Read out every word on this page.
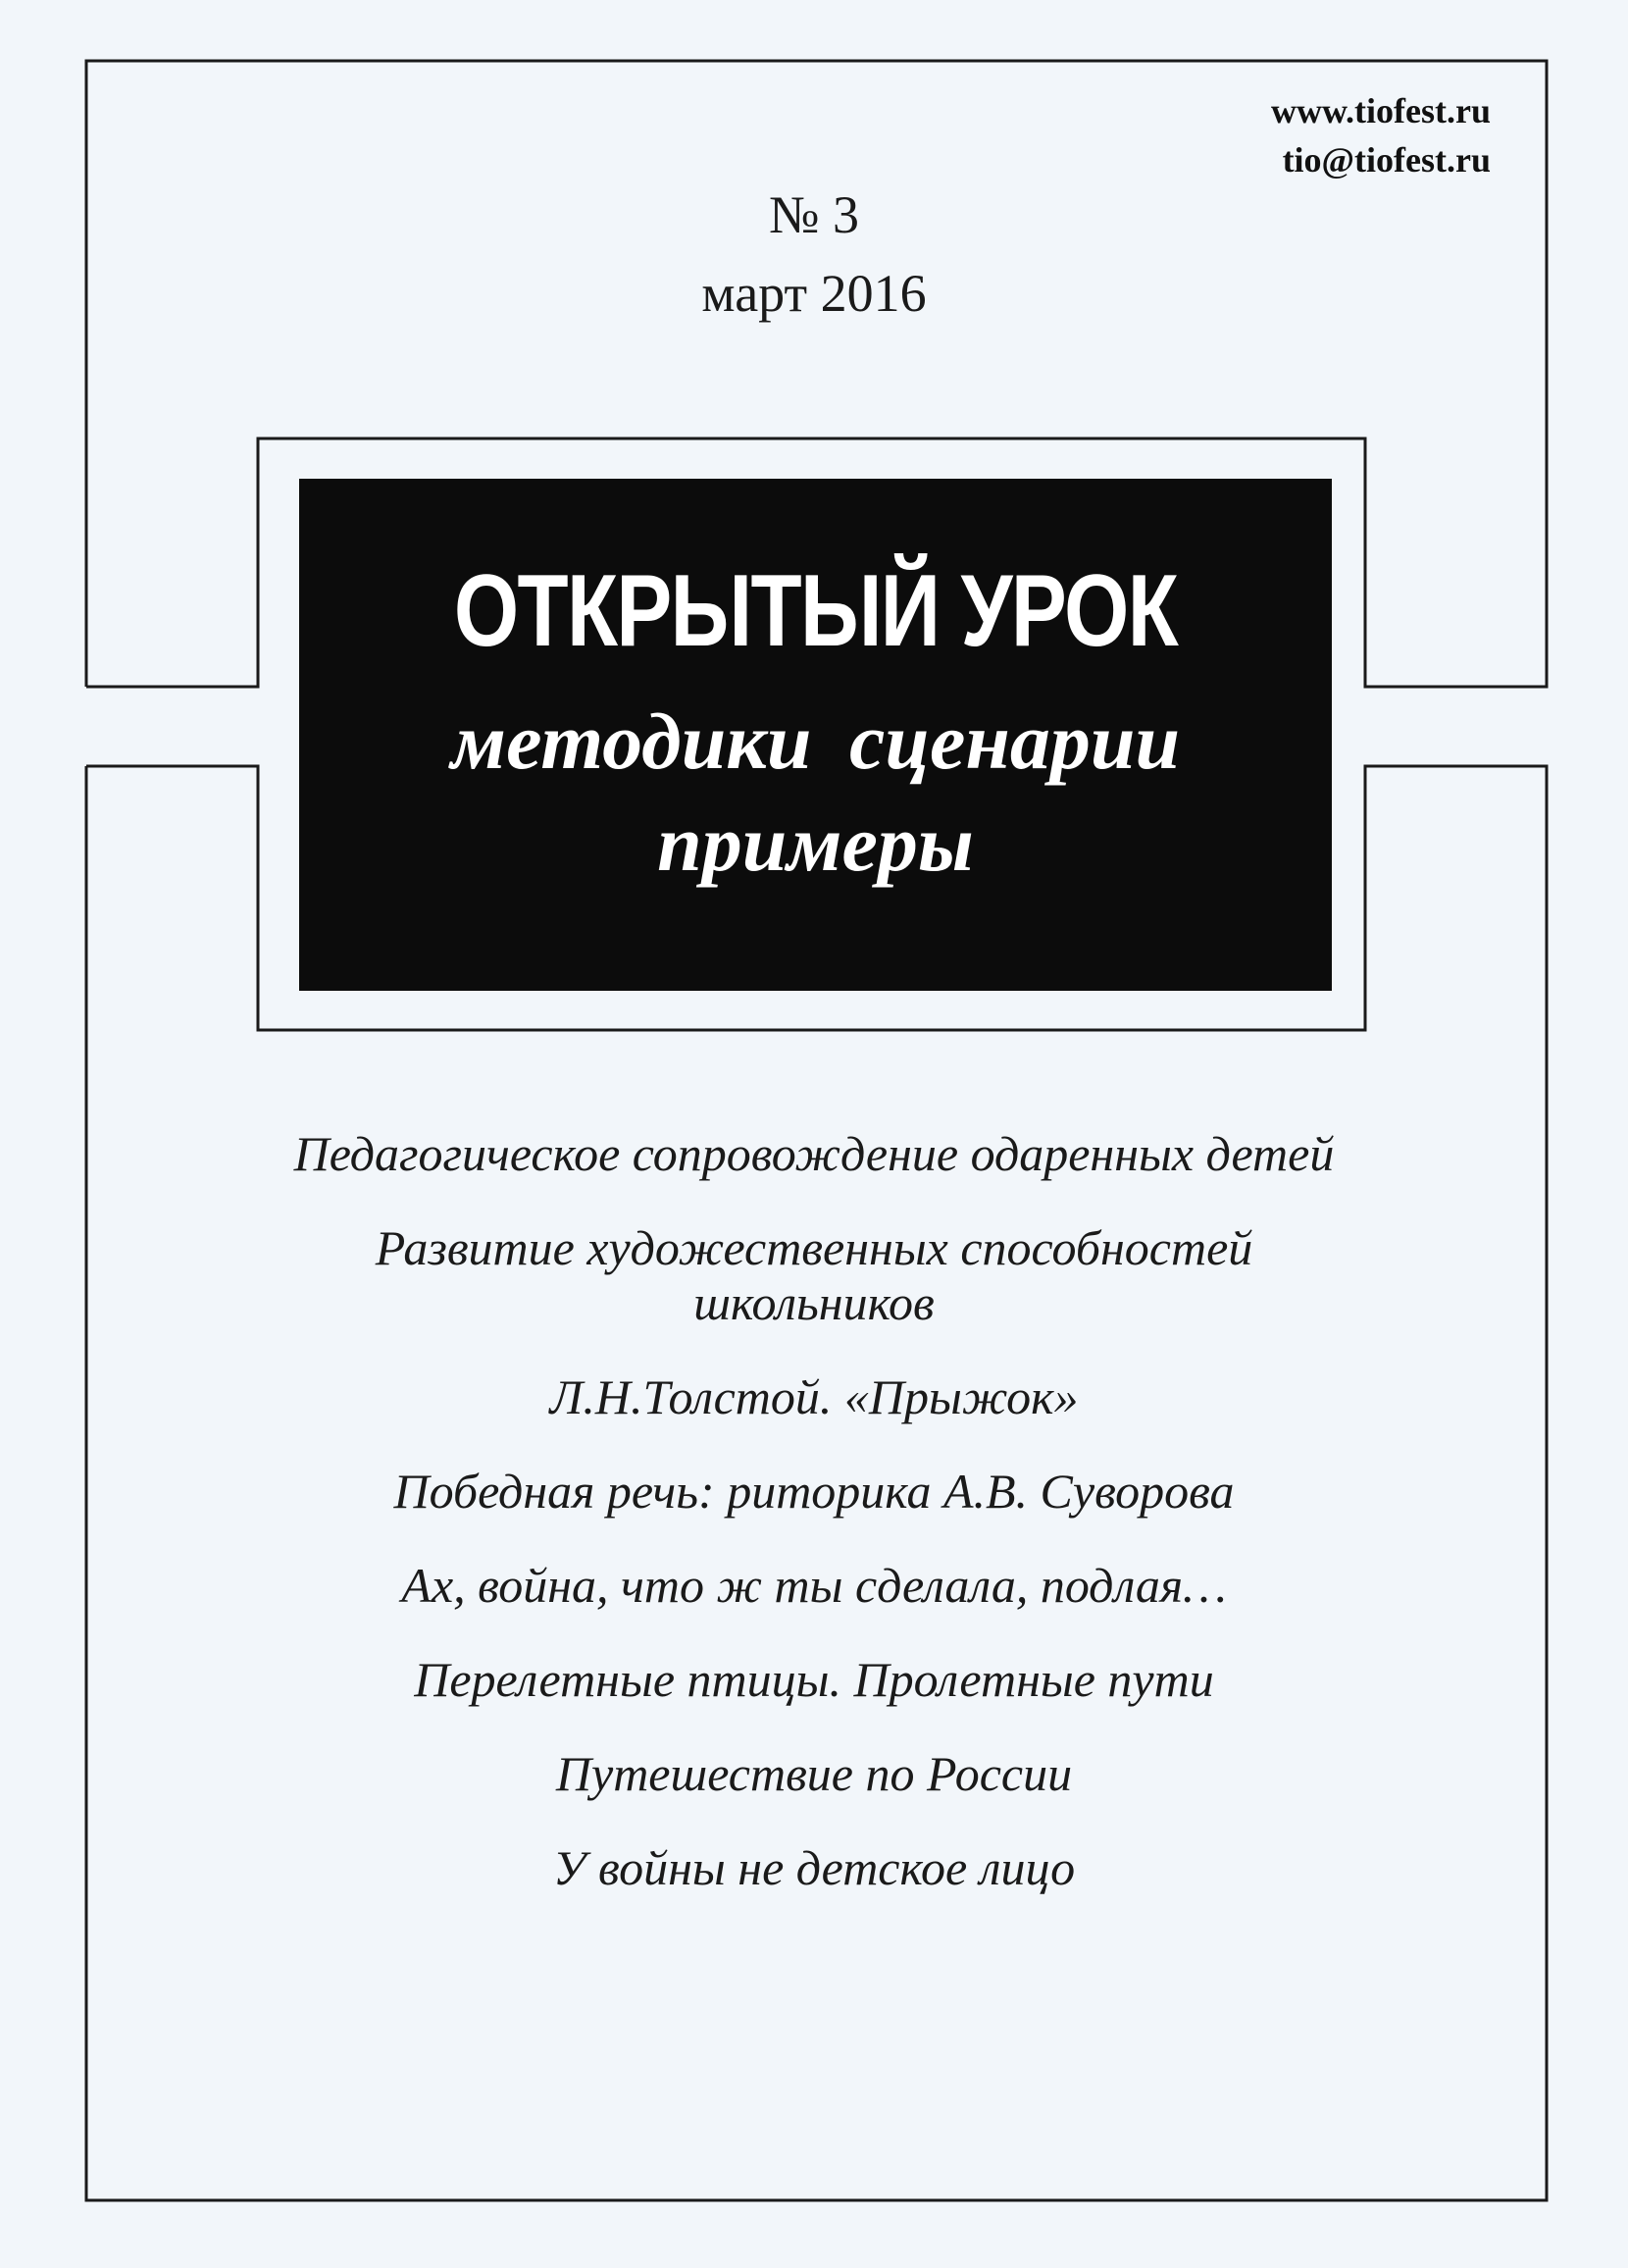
www.tiofest.ru
tio@tiofest.ru
№ 3
март 2016
ОТКРЫТЫЙ УРОК
методики сценарии
примеры
Педагогическое сопровождение одаренных детей
Развитие художественных способностей
школьников
Л.Н.Толстой. «Прыжок»
Победная речь: риторика А.В. Суворова
Ах, война, что ж ты сделала, подлая…
Перелетные птицы. Пролетные пути
Путешествие по России
У войны не детское лицо
